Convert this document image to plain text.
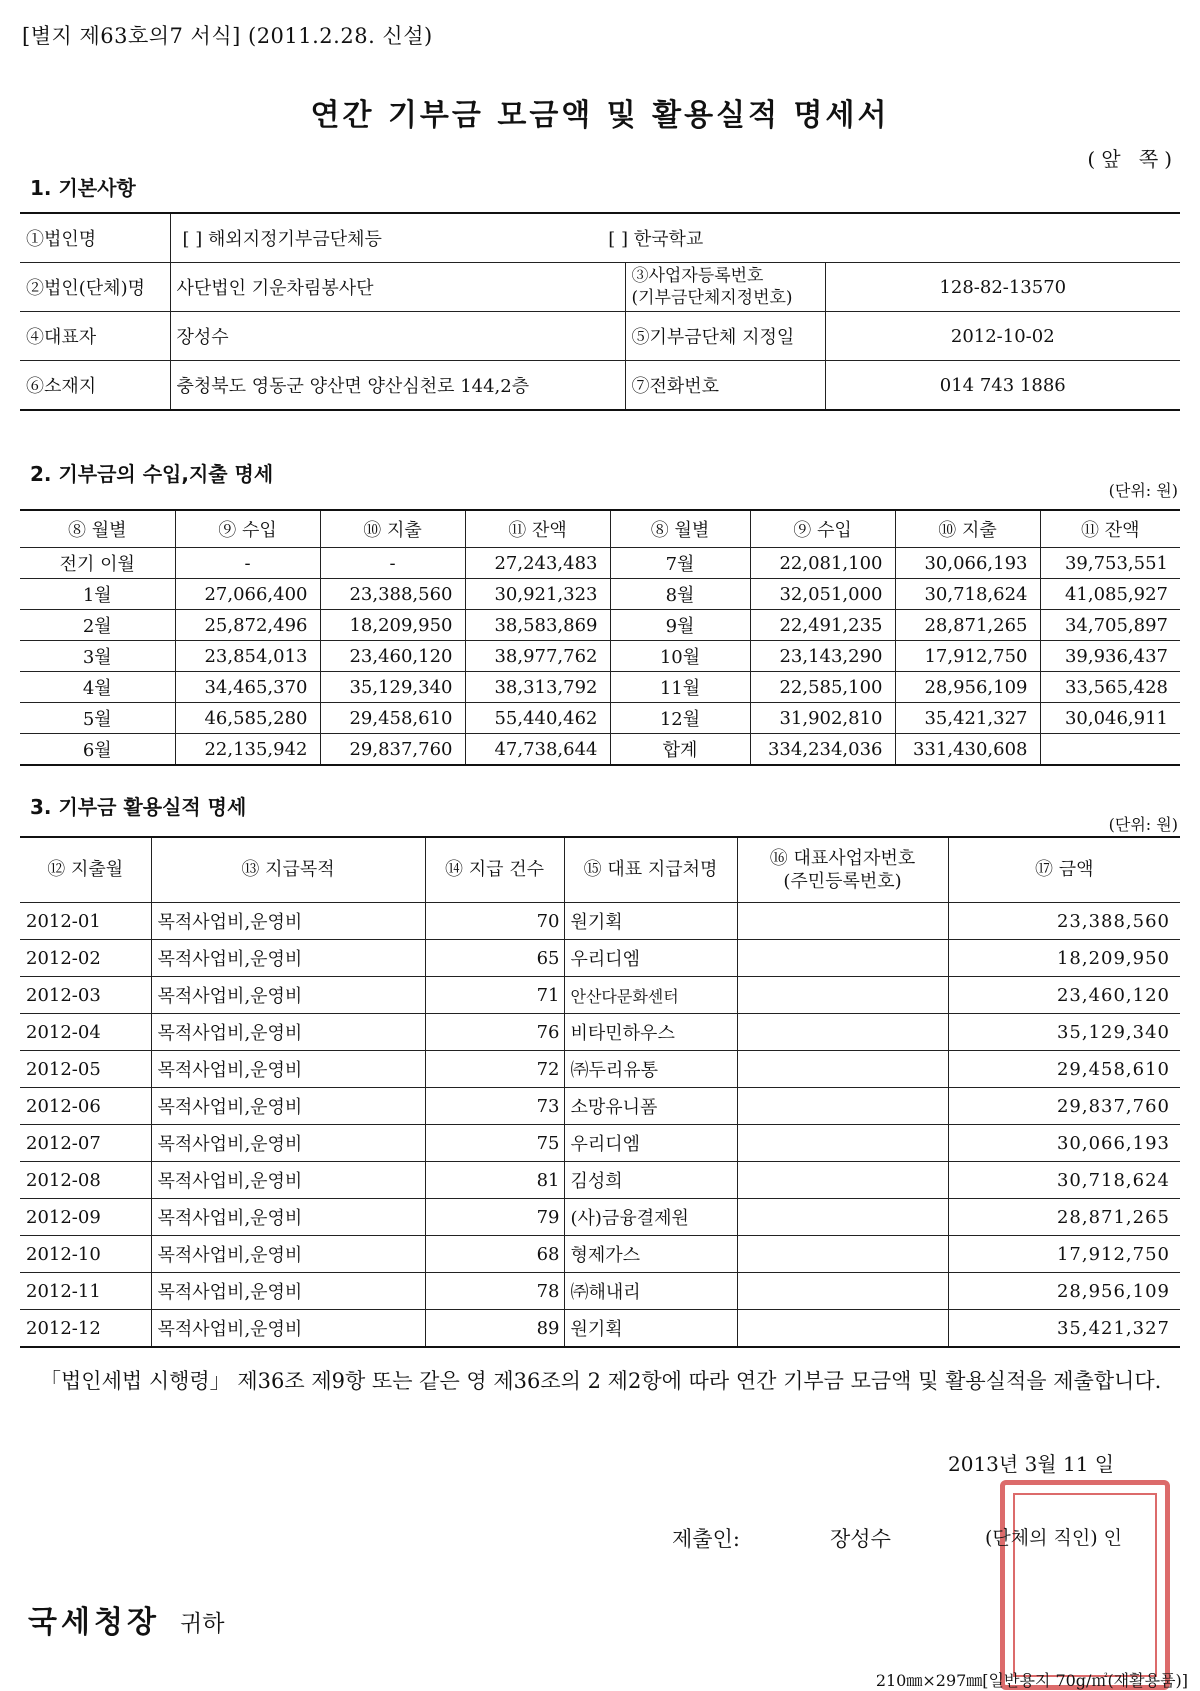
[별지 제63호의7 서식] (2011.2.28. 신설)
연간 기부금 모금액 및 활용실적 명세서
(앞 쪽)
1. 기본사항
①법인명	[ ] 해외지정기부금단체등 [ ] 한국학교		
②법인(단체)명	사단법인 기운차림봉사단	③사업자등록번호
(기부금단체지정번호)	128-82-13570
④대표자	장성수	⑤기부금단체 지정일	2012-10-02
⑥소재지	충청북도 영동군 양산면 양산심천로 144,2층	⑦전화번호	014 743 1886
2. 기부금의 수입,지출 명세
(단위: 원)
⑧ 월별	⑨ 수입	⑩ 지출	⑪ 잔액	⑧ 월별	⑨ 수입	⑩ 지출	⑪ 잔액
전기 이월	-	-	27,243,483	7월	22,081,100	30,066,193	39,753,551
1월	27,066,400	23,388,560	30,921,323	8월	32,051,000	30,718,624	41,085,927
2월	25,872,496	18,209,950	38,583,869	9월	22,491,235	28,871,265	34,705,897
3월	23,854,013	23,460,120	38,977,762	10월	23,143,290	17,912,750	39,936,437
4월	34,465,370	35,129,340	38,313,792	11월	22,585,100	28,956,109	33,565,428
5월	46,585,280	29,458,610	55,440,462	12월	31,902,810	35,421,327	30,046,911
6월	22,135,942	29,837,760	47,738,644	합계	334,234,036	331,430,608	
3. 기부금 활용실적 명세
(단위: 원)
⑫ 지출월	⑬ 지급목적	⑭ 지급 건수	⑮ 대표 지급처명	⑯ 대표사업자번호
(주민등록번호)	⑰ 금액
2012-01	목적사업비,운영비	70	원기획		23,388,560
2012-02	목적사업비,운영비	65	우리디엠		18,209,950
2012-03	목적사업비,운영비	71	안산다문화센터		23,460,120
2012-04	목적사업비,운영비	76	비타민하우스		35,129,340
2012-05	목적사업비,운영비	72	㈜두리유통		29,458,610
2012-06	목적사업비,운영비	73	소망유니폼		29,837,760
2012-07	목적사업비,운영비	75	우리디엠		30,066,193
2012-08	목적사업비,운영비	81	김성희		30,718,624
2012-09	목적사업비,운영비	79	(사)금융결제원		28,871,265
2012-10	목적사업비,운영비	68	형제가스		17,912,750
2012-11	목적사업비,운영비	78	㈜해내리		28,956,109
2012-12	목적사업비,운영비	89	원기획		35,421,327
「법인세법 시행령」 제36조 제9항 또는 같은 영 제36조의 2 제2항에 따라 연간 기부금 모금액 및 활용실적을 제출합니다.
2013년 3월 11 일
제출인:	장성수	(단체의 직인) 인
국세청장 귀하
210㎜×297㎜[일반용지 70g/㎡(재활용품)]
